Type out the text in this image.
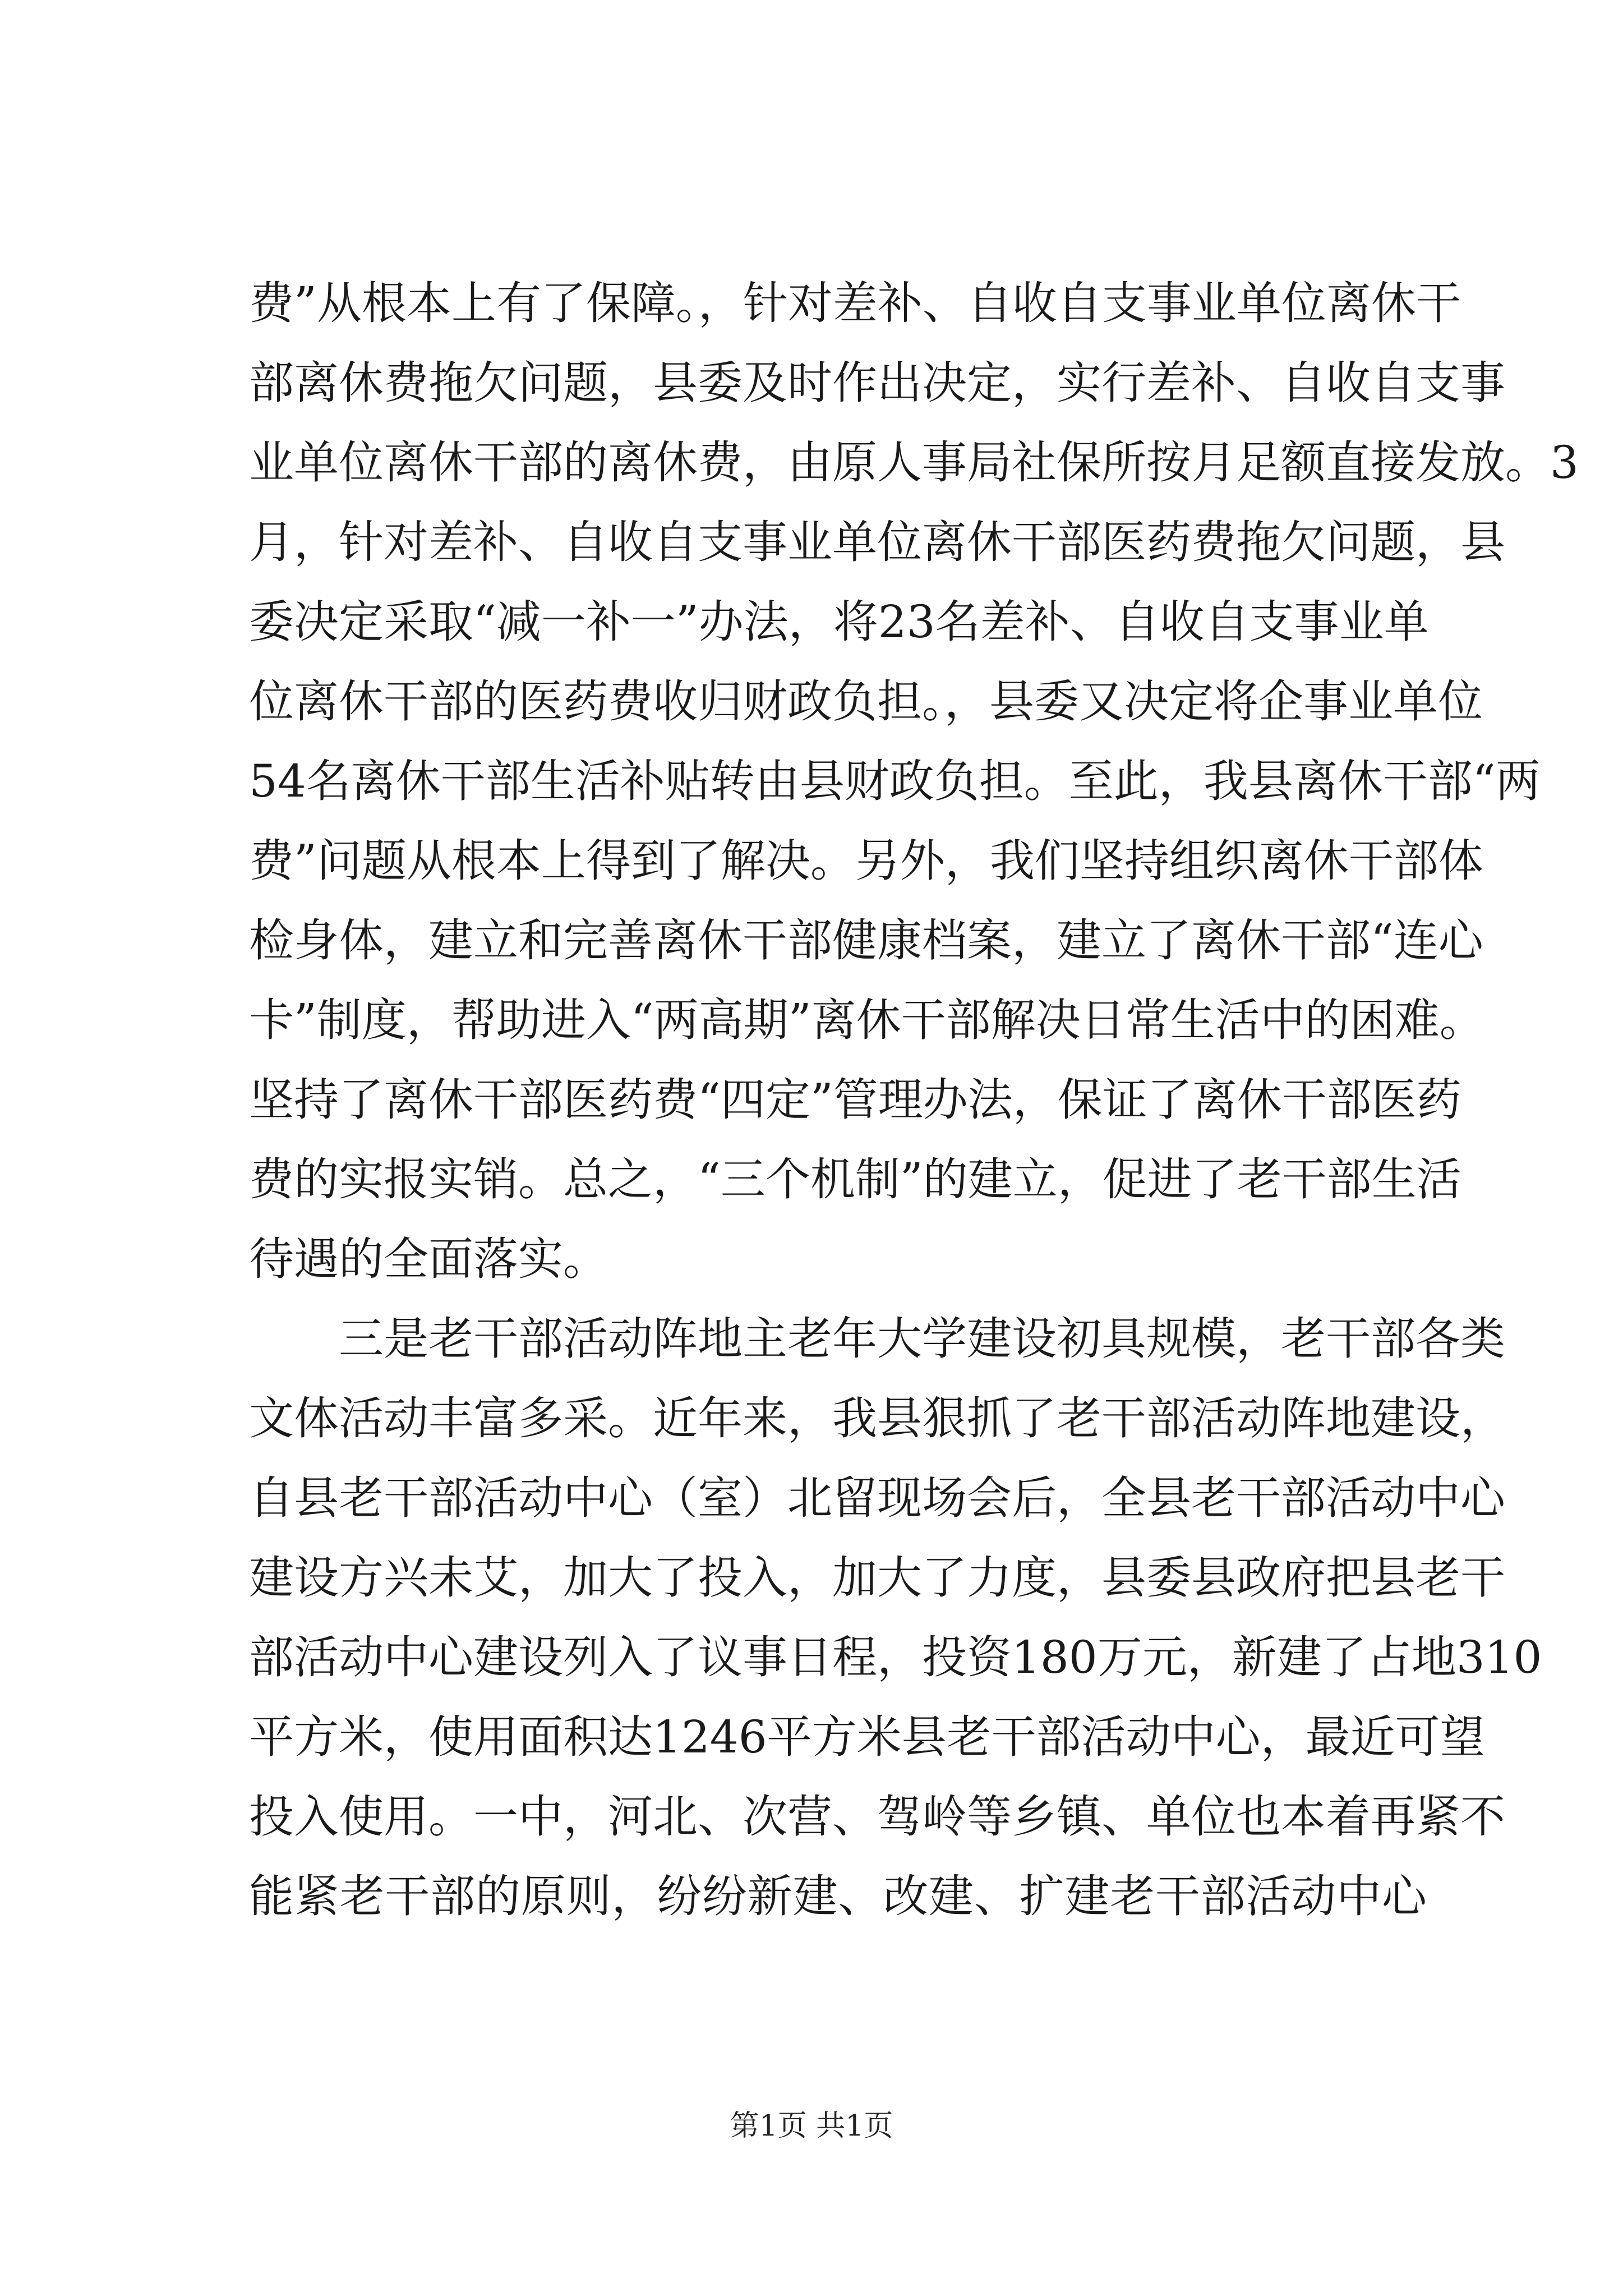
费”从根本上有了保障。，针对差补、自收自支事业单位离休干
部离休费拖欠问题，县委及时作出决定，实行差补、自收自支事
业单位离休干部的离休费，由原人事局社保所按月足额直接发放。3
月，针对差补、自收自支事业单位离休干部医药费拖欠问题，县
委决定采取“减一补一”办法，将23名差补、自收自支事业单
位离休干部的医药费收归财政负担。，县委又决定将企事业单位
54名离休干部生活补贴转由县财政负担。至此，我县离休干部“两
费”问题从根本上得到了解决。另外，我们坚持组织离休干部体
检身体，建立和完善离休干部健康档案，建立了离休干部“连心
卡”制度，帮助进入“两高期”离休干部解决日常生活中的困难。
坚持了离休干部医药费“四定”管理办法，保证了离休干部医药
费的实报实销。总之，“三个机制”的建立，促进了老干部生活
待遇的全面落实。
三是老干部活动阵地主老年大学建设初具规模，老干部各类
文体活动丰富多采。近年来，我县狠抓了老干部活动阵地建设，
自县老干部活动中心（室）北留现场会后，全县老干部活动中心
建设方兴未艾，加大了投入，加大了力度，县委县政府把县老干
部活动中心建设列入了议事日程，投资180万元，新建了占地310
平方米，使用面积达1246平方米县老干部活动中心，最近可望
投入使用。一中，河北、次营、驾岭等乡镇、单位也本着再紧不
能紧老干部的原则，纷纷新建、改建、扩建老干部活动中心
第1页 共1页
